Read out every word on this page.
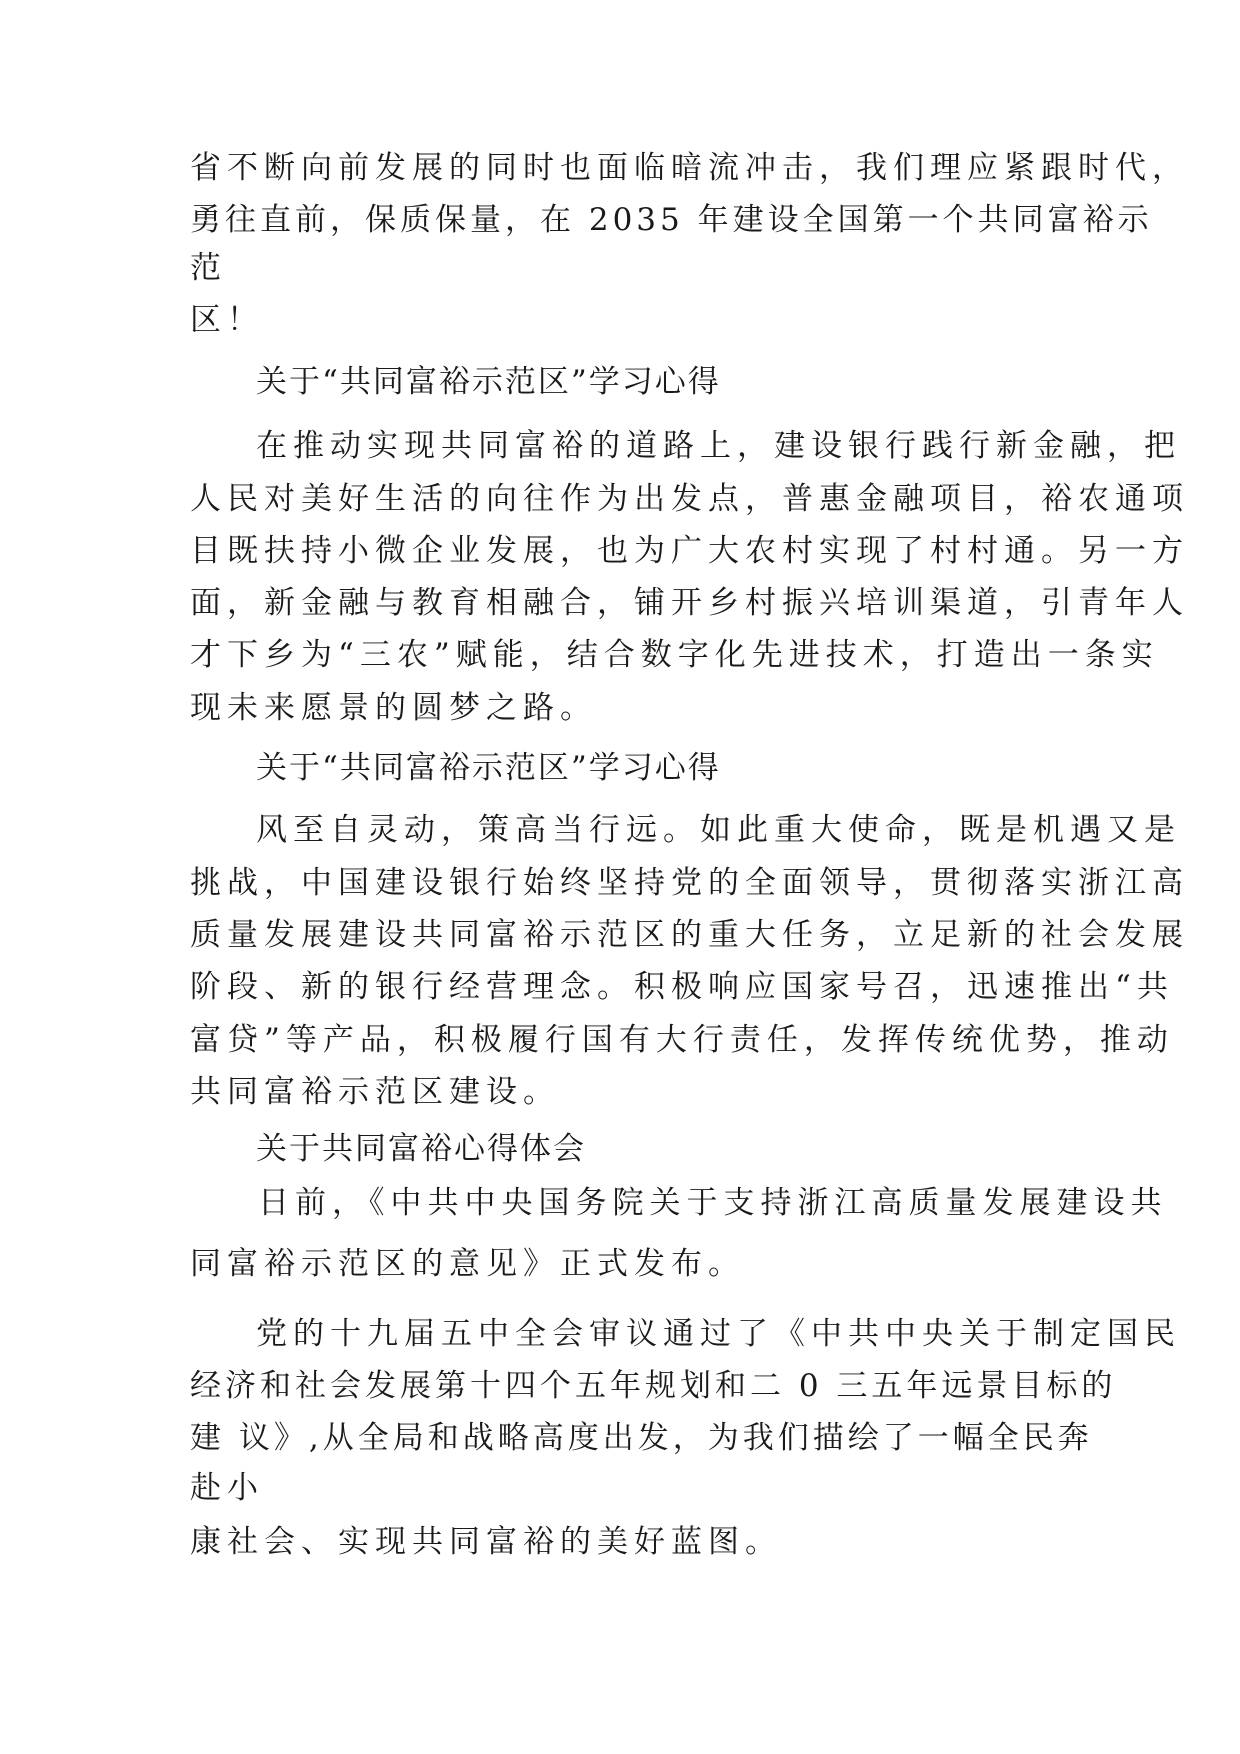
省不断向前发展的同时也面临暗流冲击，我们理应紧跟时代，
勇往直前，保质保量，在 2035 年建设全国第一个共同富裕示
范
区！
关于“共同富裕示范区”学习心得
在推动实现共同富裕的道路上，建设银行践行新金融，把
人民对美好生活的向往作为出发点，普惠金融项目，裕农通项
目既扶持小微企业发展，也为广大农村实现了村村通。另一方
面，新金融与教育相融合，铺开乡村振兴培训渠道，引青年人
才下乡为“三农”赋能，结合数字化先进技术，打造出一条实
现未来愿景的圆梦之路。
关于“共同富裕示范区”学习心得
风至自灵动，策高当行远。如此重大使命，既是机遇又是
挑战，中国建设银行始终坚持党的全面领导，贯彻落实浙江高
质量发展建设共同富裕示范区的重大任务，立足新的社会发展
阶段、新的银行经营理念。积极响应国家号召，迅速推出“共
富贷”等产品，积极履行国有大行责任，发挥传统优势，推动
共同富裕示范区建设。
关于共同富裕心得体会
日前，《中共中央国务院关于支持浙江高质量发展建设共
同富裕示范区的意见》正式发布。
党的十九届五中全会审议通过了《中共中央关于制定国民
经济和社会发展第十四个五年规划和二 0 三五年远景目标的
建 议》,从全局和战略高度出发，为我们描绘了一幅全民奔
赴小
康社会、实现共同富裕的美好蓝图。
